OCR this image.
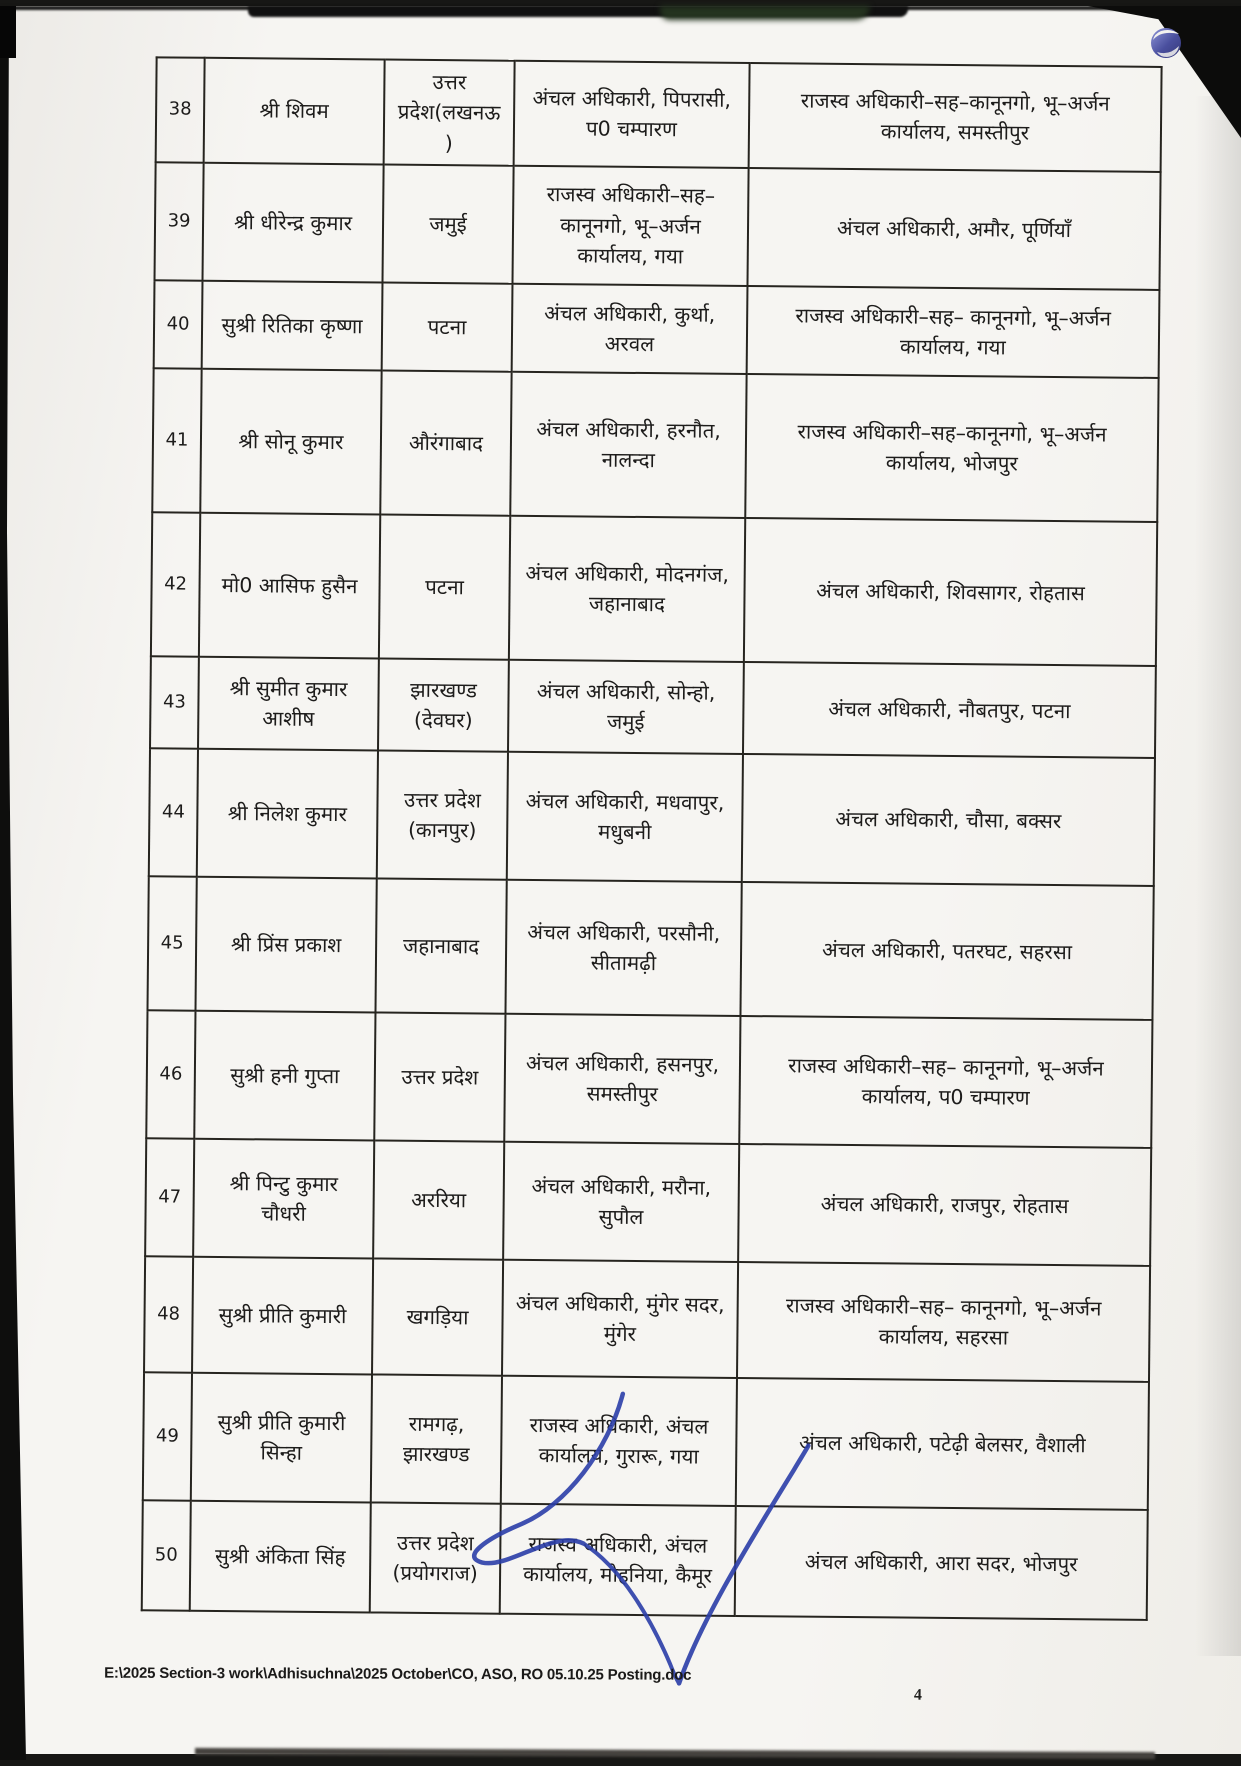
38	श्री शिवम	उत्तर प्रदेश(लखनऊ)	अंचल अधिकारी, पिपरासी, प0 चम्पारण	राजस्व अधिकारी–सह–कानूनगो, भू–अर्जन कार्यालय, समस्तीपुर
39	श्री धीरेन्द्र कुमार	जमुई	राजस्व अधिकारी–सह– कानूनगो, भू–अर्जन कार्यालय, गया	अंचल अधिकारी, अमौर, पूर्णियाँ
40	सुश्री रितिका कृष्णा	पटना	अंचल अधिकारी, कुर्था, अरवल	राजस्व अधिकारी–सह– कानूनगो, भू–अर्जन कार्यालय, गया
41	श्री सोनू कुमार	औरंगाबाद	अंचल अधिकारी, हरनौत, नालन्दा	राजस्व अधिकारी–सह–कानूनगो, भू–अर्जन कार्यालय, भोजपुर
42	मो0 आसिफ हुसैन	पटना	अंचल अधिकारी, मोदनगंज, जहानाबाद	अंचल अधिकारी, शिवसागर, रोहतास
43	श्री सुमीत कुमार आशीष	झारखण्ड (देवघर)	अंचल अधिकारी, सोन्हो, जमुई	अंचल अधिकारी, नौबतपुर, पटना
44	श्री निलेश कुमार	उत्तर प्रदेश (कानपुर)	अंचल अधिकारी, मधवापुर, मधुबनी	अंचल अधिकारी, चौसा, बक्सर
45	श्री प्रिंस प्रकाश	जहानाबाद	अंचल अधिकारी, परसौनी, सीतामढ़ी	अंचल अधिकारी, पतरघट, सहरसा
46	सुश्री हनी गुप्ता	उत्तर प्रदेश	अंचल अधिकारी, हसनपुर, समस्तीपुर	राजस्व अधिकारी–सह– कानूनगो, भू–अर्जन कार्यालय, प0 चम्पारण
47	श्री पिन्टु कुमार चौधरी	अररिया	अंचल अधिकारी, मरौना, सुपौल	अंचल अधिकारी, राजपुर, रोहतास
48	सुश्री प्रीति कुमारी	खगड़िया	अंचल अधिकारी, मुंगेर सदर, मुंगेर	राजस्व अधिकारी–सह– कानूनगो, भू–अर्जन कार्यालय, सहरसा
49	सुश्री प्रीति कुमारी सिन्हा	रामगढ़, झारखण्ड	राजस्व अधिकारी, अंचल कार्यालय, गुरारू, गया	अंचल अधिकारी, पटेढ़ी बेलसर, वैशाली
50	सुश्री अंकिता सिंह	उत्तर प्रदेश (प्रयोगराज)	राजस्व अधिकारी, अंचल कार्यालय, मोहनिया, कैमूर	अंचल अधिकारी, आरा सदर, भोजपुर
E:\2025 Section-3 work\Adhisuchna\2025 October\CO, ASO, RO 05.10.25 Posting.doc
4
